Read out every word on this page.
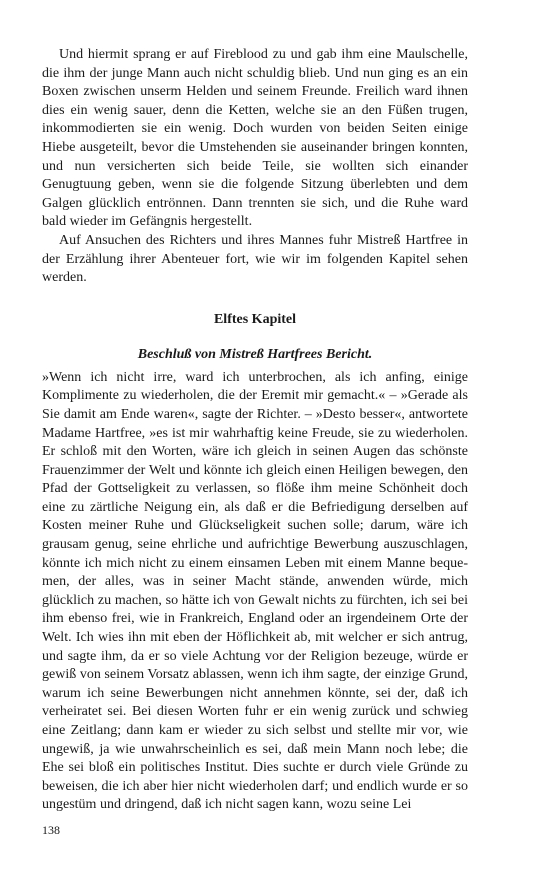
Und hiermit sprang er auf Fireblood zu und gab ihm eine Maulschelle, die ihm der junge Mann auch nicht schuldig blieb. Und nun ging es an ein Boxen zwischen unserm Helden und seinem Freunde. Freilich ward ihnen dies ein wenig sauer, denn die Ketten, welche sie an den Füßen trugen, inkommodierten sie ein wenig. Doch wurden von beiden Seiten einige Hiebe ausgeteilt, bevor die Umstehenden sie auseinander bringen konnten, und nun versicherten sich beide Teile, sie wollten sich einander Genugtuung geben, wenn sie die folgende Sitzung überlebten und dem Galgen glücklich entrönnen. Dann trennten sie sich, und die Ruhe ward bald wieder im Gefängnis hergestellt.

Auf Ansuchen des Richters und ihres Mannes fuhr Mistreß Hartfree in der Erzählung ihrer Abenteuer fort, wie wir im folgenden Kapitel sehen werden.

Elftes Kapitel
Beschluß von Mistreß Hartfrees Bericht.

»Wenn ich nicht irre, ward ich unterbrochen, als ich anfing, einige Komplimente zu wiederholen, die der Eremit mir gemacht.« – »Gerade als Sie damit am Ende waren«, sagte der Richter. – »Desto besser«, antwortete Madame Hartfree, »es ist mir wahrhaftig keine Freude, sie zu wiederholen. Er schloß mit den Worten, wäre ich gleich in seinen Augen das schönste Frauenzimmer der Welt und könnte ich gleich einen Heiligen bewegen, den Pfad der Gottseligkeit zu verlassen, so flöße ihm meine Schönheit doch eine zu zärtliche Neigung ein, als daß er die Befriedigung derselben auf Kosten meiner Ruhe und Glückseligkeit suchen solle; darum, wäre ich grausam genug, seine ehrliche und aufrichtige Bewerbung auszuschlagen, könnte ich mich nicht zu einem einsamen Leben mit einem Manne bequemen, der alles, was in seiner Macht stände, anwenden würde, mich glücklich zu machen, so hätte ich von Gewalt nichts zu fürchten, ich sei bei ihm ebenso frei, wie in Frankreich, England oder an irgendeinem Orte der Welt. Ich wies ihn mit eben der Höflichkeit ab, mit welcher er sich antrug, und sagte ihm, da er so viele Achtung vor der Religion bezeuge, würde er gewiß von seinem Vorsatz ablassen, wenn ich ihm sagte, der einzige Grund, warum ich seine Bewerbungen nicht annehmen könnte, sei der, daß ich verheiratet sei. Bei diesen Worten fuhr er ein wenig zurück und schwieg eine Zeitlang; dann kam er wieder zu sich selbst und stellte mir vor, wie ungewiß, ja wie unwahrscheinlich es sei, daß mein Mann noch lebe; die Ehe sei bloß ein politisches Institut. Dies suchte er durch viele Gründe zu beweisen, die ich aber hier nicht wiederholen darf; und endlich wurde er so ungestüm und dringend, daß ich nicht sagen kann, wozu seine Lei

138
